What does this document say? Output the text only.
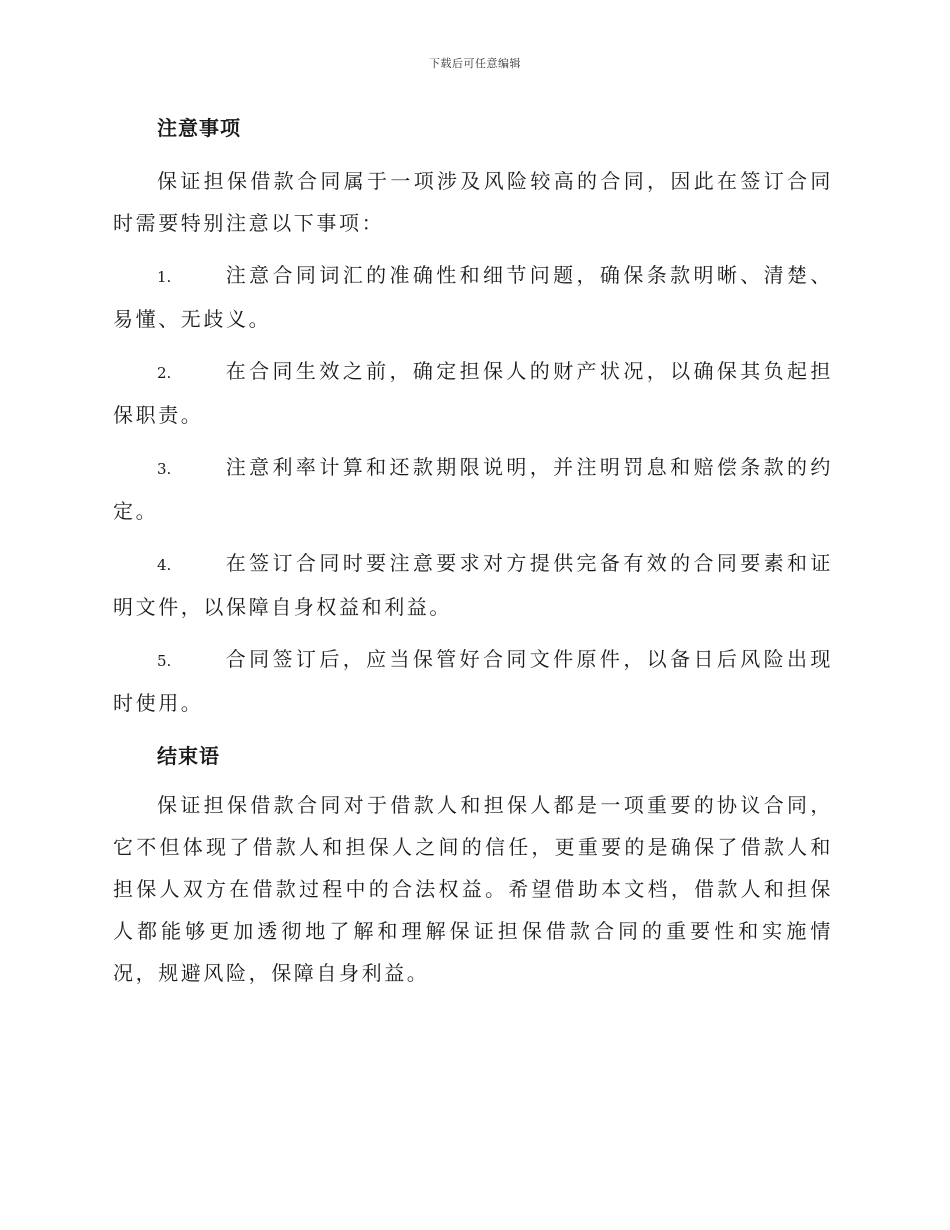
下载后可任意编辑
注意事项

保证担保借款合同属于一项涉及风险较高的合同，因此在签订合同时需要特别注意以下事项：

1.	注意合同词汇的准确性和细节问题，确保条款明晰、清楚、易懂、无歧义。

2.	在合同生效之前，确定担保人的财产状况，以确保其负起担保职责。

3.	注意利率计算和还款期限说明，并注明罚息和赔偿条款的约定。

4.	在签订合同时要注意要求对方提供完备有效的合同要素和证明文件，以保障自身权益和利益。

5.	合同签订后，应当保管好合同文件原件，以备日后风险出现时使用。

结束语

保证担保借款合同对于借款人和担保人都是一项重要的协议合同，它不但体现了借款人和担保人之间的信任，更重要的是确保了借款人和担保人双方在借款过程中的合法权益。希望借助本文档，借款人和担保人都能够更加透彻地了解和理解保证担保借款合同的重要性和实施情况，规避风险，保障自身利益。
